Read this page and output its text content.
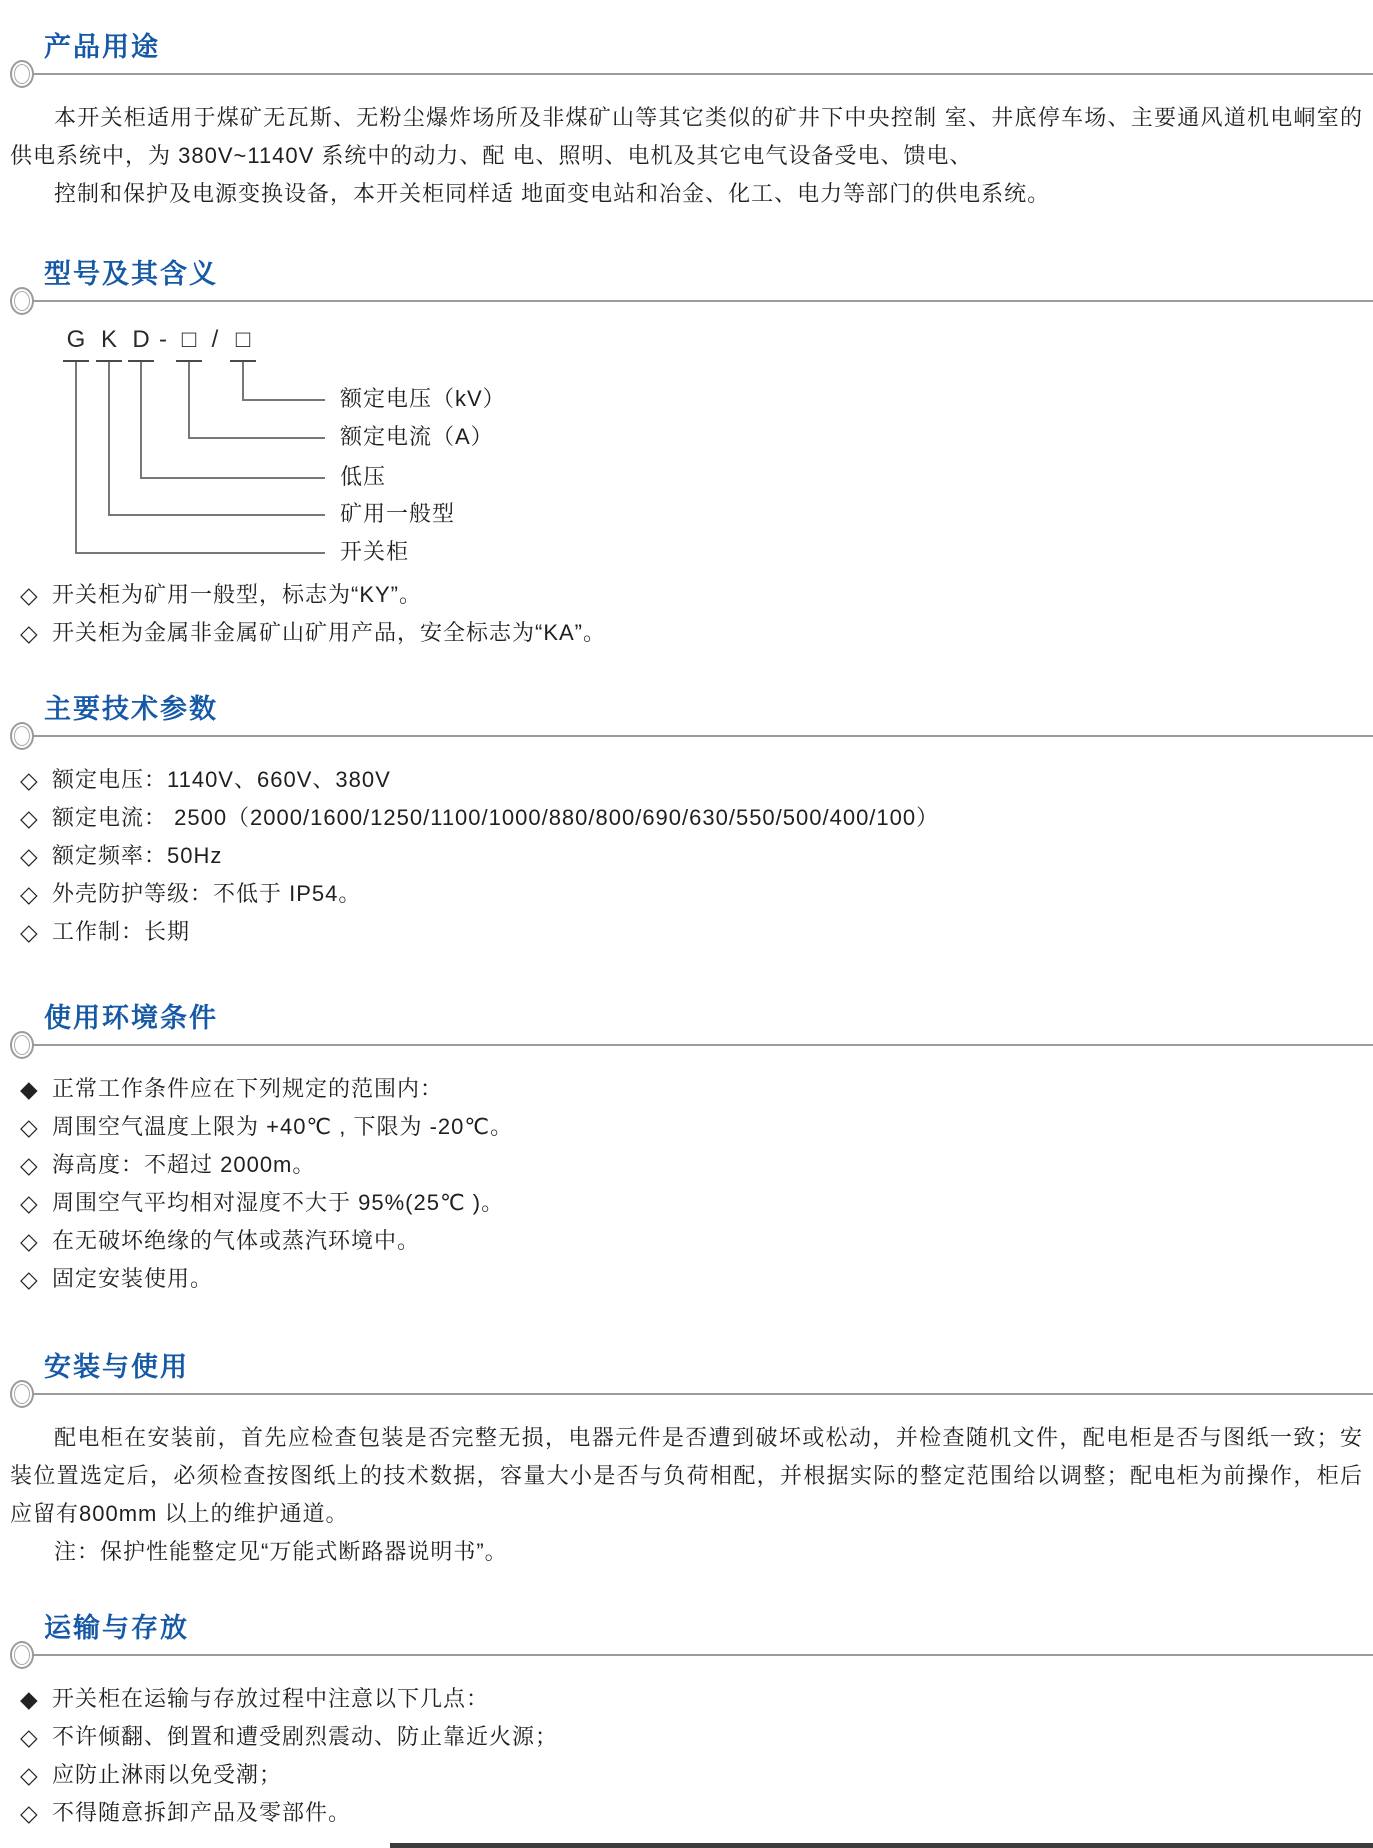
产品用途

本开关柜适用于煤矿无瓦斯、无粉尘爆炸场所及非煤矿山等其它类似的矿井下中央控制 室、井底停车场、主要通风道机电峒室的供电系统中，为 380V~1140V 系统中的动力、配 电、照明、电机及其它电气设备受电、馈电、

控制和保护及电源变换设备，本开关柜同样适 地面变电站和冶金、化工、电力等部门的供电系统。

型号及其含义
G K D - □ / □
额定电压（kV）
额定电流（A）
低压
矿用一般型
开关柜
◇ 开关柜为矿用一般型，标志为“KY”。
◇ 开关柜为金属非金属矿山矿用产品，安全标志为“KA”。
主要技术参数
◇ 额定电压：1140V、660V、380V
◇ 额定电流： 2500（2000/1600/1250/1100/1000/880/800/690/630/550/500/400/100）
◇ 额定频率：50Hz
◇ 外壳防护等级：不低于 IP54。
◇ 工作制：长期
使用环境条件
◆ 正常工作条件应在下列规定的范围内：
◇ 周围空气温度上限为 +40℃ , 下限为 -20℃。
◇ 海高度：不超过 2000m。
◇ 周围空气平均相对湿度不大于 95%(25℃ )。
◇ 在无破坏绝缘的气体或蒸汽环境中。
◇ 固定安装使用。
安装与使用

配电柜在安装前，首先应检查包装是否完整无损，电器元件是否遭到破坏或松动，并检查随机文件，配电柜是否与图纸一致；安装位置选定后，必须检查按图纸上的技术数据，容量大小是否与负荷相配，并根据实际的整定范围给以调整；配电柜为前操作，柜后应留有800mm 以上的维护通道。

注：保护性能整定见“万能式断路器说明书”。

运输与存放
◆ 开关柜在运输与存放过程中注意以下几点：
◇ 不许倾翻、倒置和遭受剧烈震动、防止靠近火源；
◇ 应防止淋雨以免受潮；
◇ 不得随意拆卸产品及零部件。
